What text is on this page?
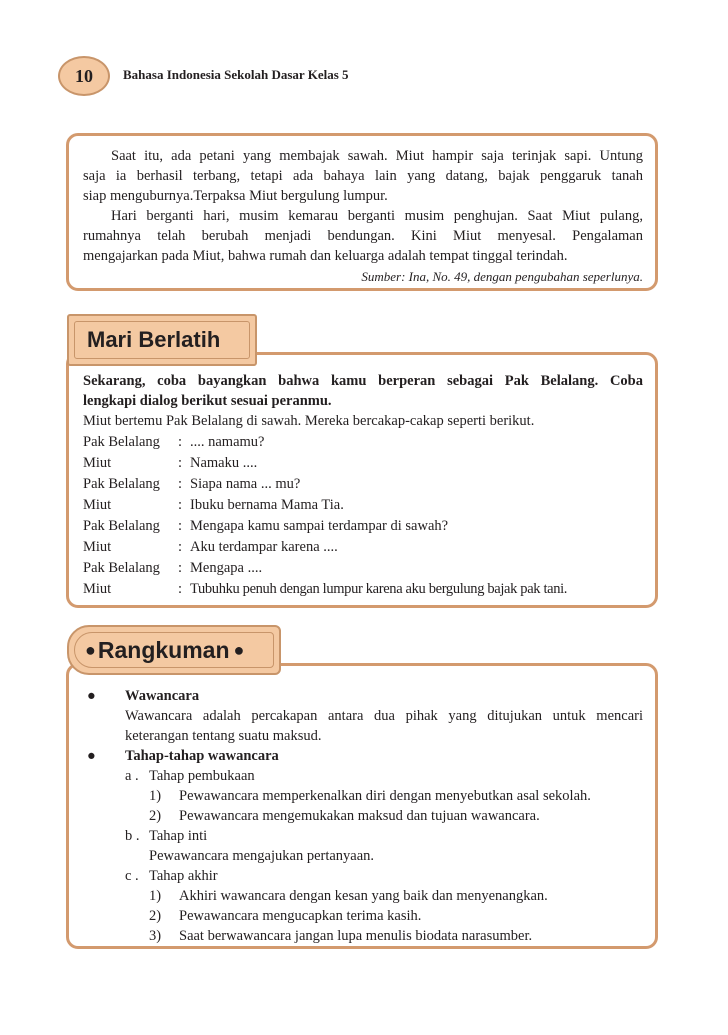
10 Bahasa Indonesia Sekolah Dasar Kelas 5

Saat itu, ada petani yang membajak sawah. Miut hampir saja terinjak sapi. Untung

saja ia berhasil terbang, tetapi ada bahaya lain yang datang, bajak penggaruk tanah

siap menguburnya.Terpaksa Miut bergulung lumpur.

Hari berganti hari, musim kemarau berganti musim penghujan. Saat Miut pulang,

rumahnya telah berubah menjadi bendungan. Kini Miut menyesal. Pengalaman

mengajarkan pada Miut, bahwa rumah dan keluarga adalah tempat tinggal terindah.

Sumber: Ina, No. 49, dengan pengubahan seperlunya.

Sekarang, coba bayangkan bahwa kamu berperan sebagai Pak Belalang. Coba

lengkapi dialog berikut sesuai peranmu.

Miut bertemu Pak Belalang di sawah. Mereka bercakap-cakap seperti berikut.
Pak Belalang	: .... namamu?
Miut	: Namaku ....
Pak Belalang	: Siapa nama ... mu?
Miut	: Ibuku bernama Mama Tia.
Pak Belalang	: Mengapa kamu sampai terdampar di sawah?
Miut	: Aku terdampar karena ....
Pak Belalang	: Mengapa ....
Miut	: Tubuhku penuh dengan lumpur karena aku bergulung bajak pak tani.
Mari Berlatih
●	Wawancara

Wawancara adalah percakapan antara dua pihak yang ditujukan untuk mencari

keterangan tentang suatu maksud.

●	Tahap-tahap wawancara
a . Tahap pembukaan
1)	Pewawancara memperkenalkan diri dengan menyebutkan asal sekolah.
2)	Pewawancara mengemukakan maksud dan tujuan wawancara.
b . Tahap inti
Pewawancara mengajukan pertanyaan.
c . Tahap akhir
1)	Akhiri wawancara dengan kesan yang baik dan menyenangkan.
2)	Pewawancara mengucapkan terima kasih.
3)	Saat berwawancara jangan lupa menulis biodata narasumber.
● Rangkuman ●
